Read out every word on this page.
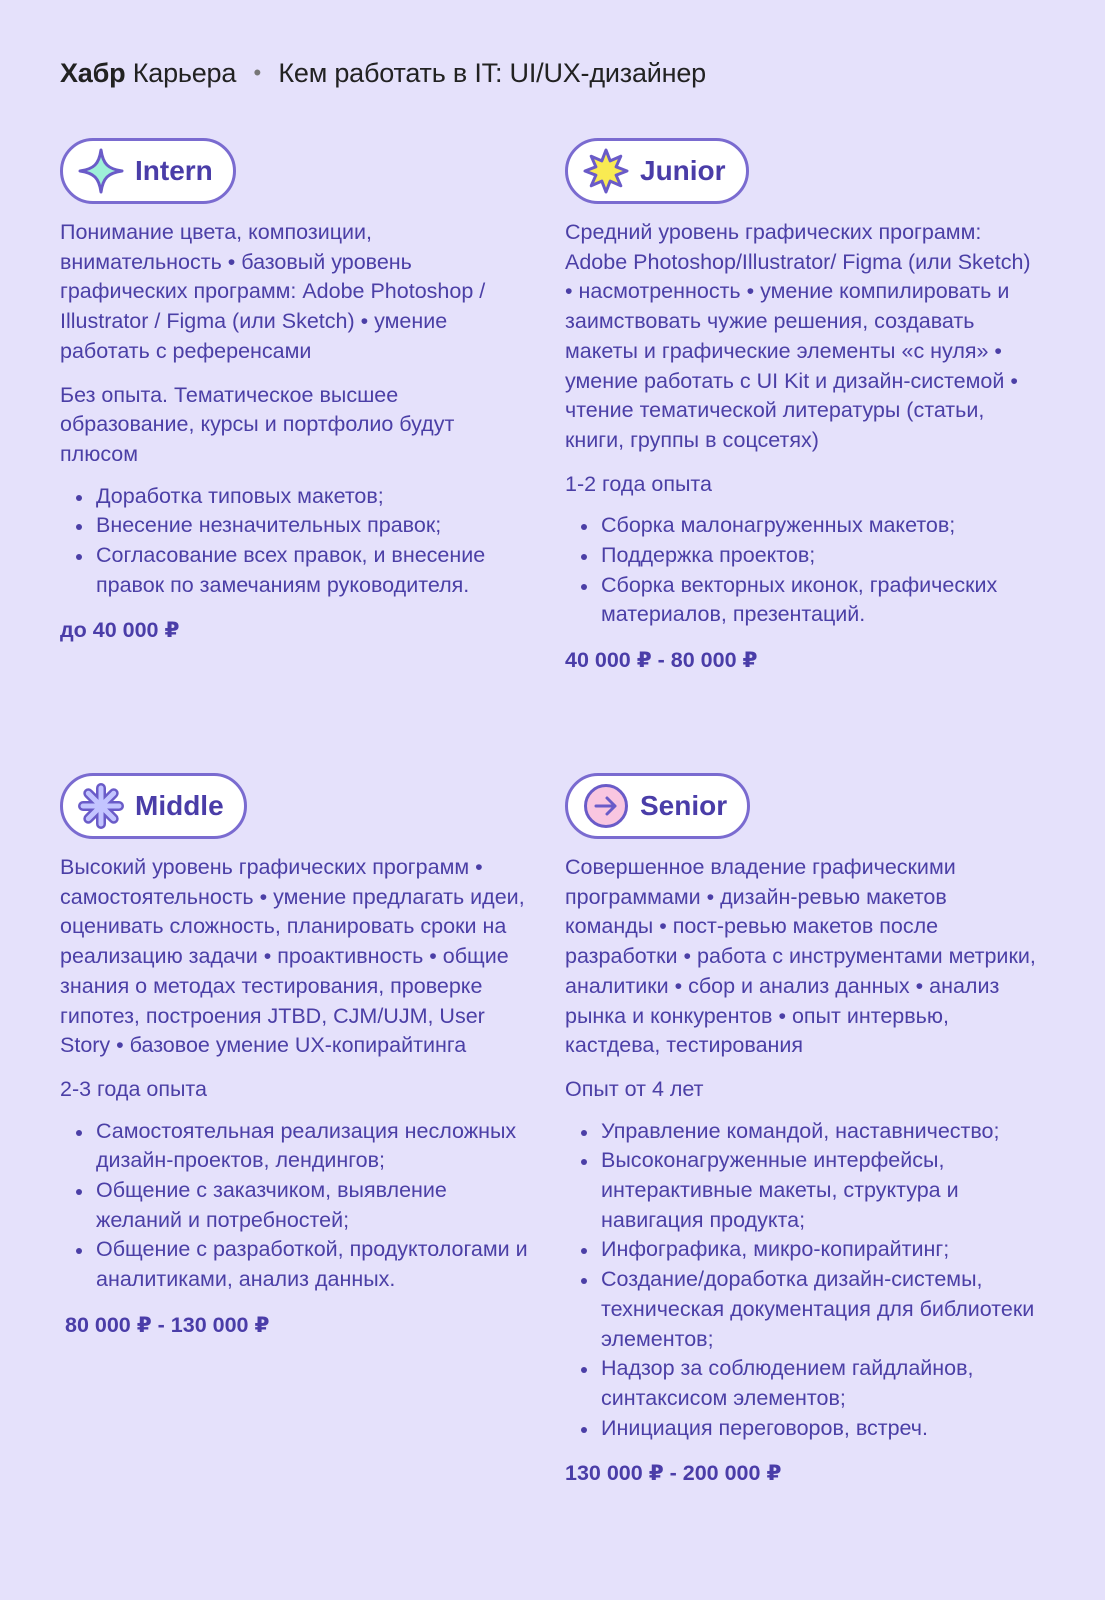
Хабр Карьера • Кем работать в IT: UI/UX-дизайнер
Intern

Понимание цвета, композиции, внимательность • базовый уровень графических программ: Adobe Photoshop / Illustrator / Figma (или Sketch) • умение работать с референсами

Без опыта. Тематическое высшее образование, курсы и портфолио будут плюсом

Доработка типовых макетов;
Внесение незначительных правок;
Согласование всех правок, и внесение правок по замечаниям руководителя.
до 40 000 ₽
Junior

Средний уровень графических программ: Adobe Photoshop/Illustrator/ Figma (или Sketch) • насмотренность • умение компилировать и заимствовать чужие решения, создавать макеты и графические элементы «с нуля» • умение работать с UI Kit и дизайн-системой • чтение тематической литературы (статьи, книги, группы в соцсетях)

1-2 года опыта

Сборка малонагруженных макетов;
Поддержка проектов;
Сборка векторных иконок, графических материалов, презентаций.
40 000 ₽ - 80 000 ₽
Middle

Высокий уровень графических программ • самостоятельность • умение предлагать идеи, оценивать сложность, планировать сроки на реализацию задачи • проактивность • общие знания о методах тестирования, проверке гипотез, построения JTBD, CJM/UJM, User Story • базовое умение UX-копирайтинга

2-3 года опыта

Самостоятельная реализация несложных дизайн-проектов, лендингов;
Общение с заказчиком, выявление желаний и потребностей;
Общение с разработкой, продуктологами и аналитиками, анализ данных.
80 000 ₽ - 130 000 ₽
Senior

Совершенное владение графическими программами • дизайн-ревью макетов команды • пост-ревью макетов после разработки • работа с инструментами метрики, аналитики • сбор и анализ данных • анализ рынка и конкурентов • опыт интервью, кастдева, тестирования

Опыт от 4 лет

Управление командой, наставничество;
Высоконагруженные интерфейсы, интерактивные макеты, структура и навигация продукта;
Инфографика, микро-копирайтинг;
Создание/доработка дизайн-системы, техническая документация для библиотеки элементов;
Надзор за соблюдением гайдлайнов, синтаксисом элементов;
Инициация переговоров, встреч.
130 000 ₽ - 200 000 ₽
